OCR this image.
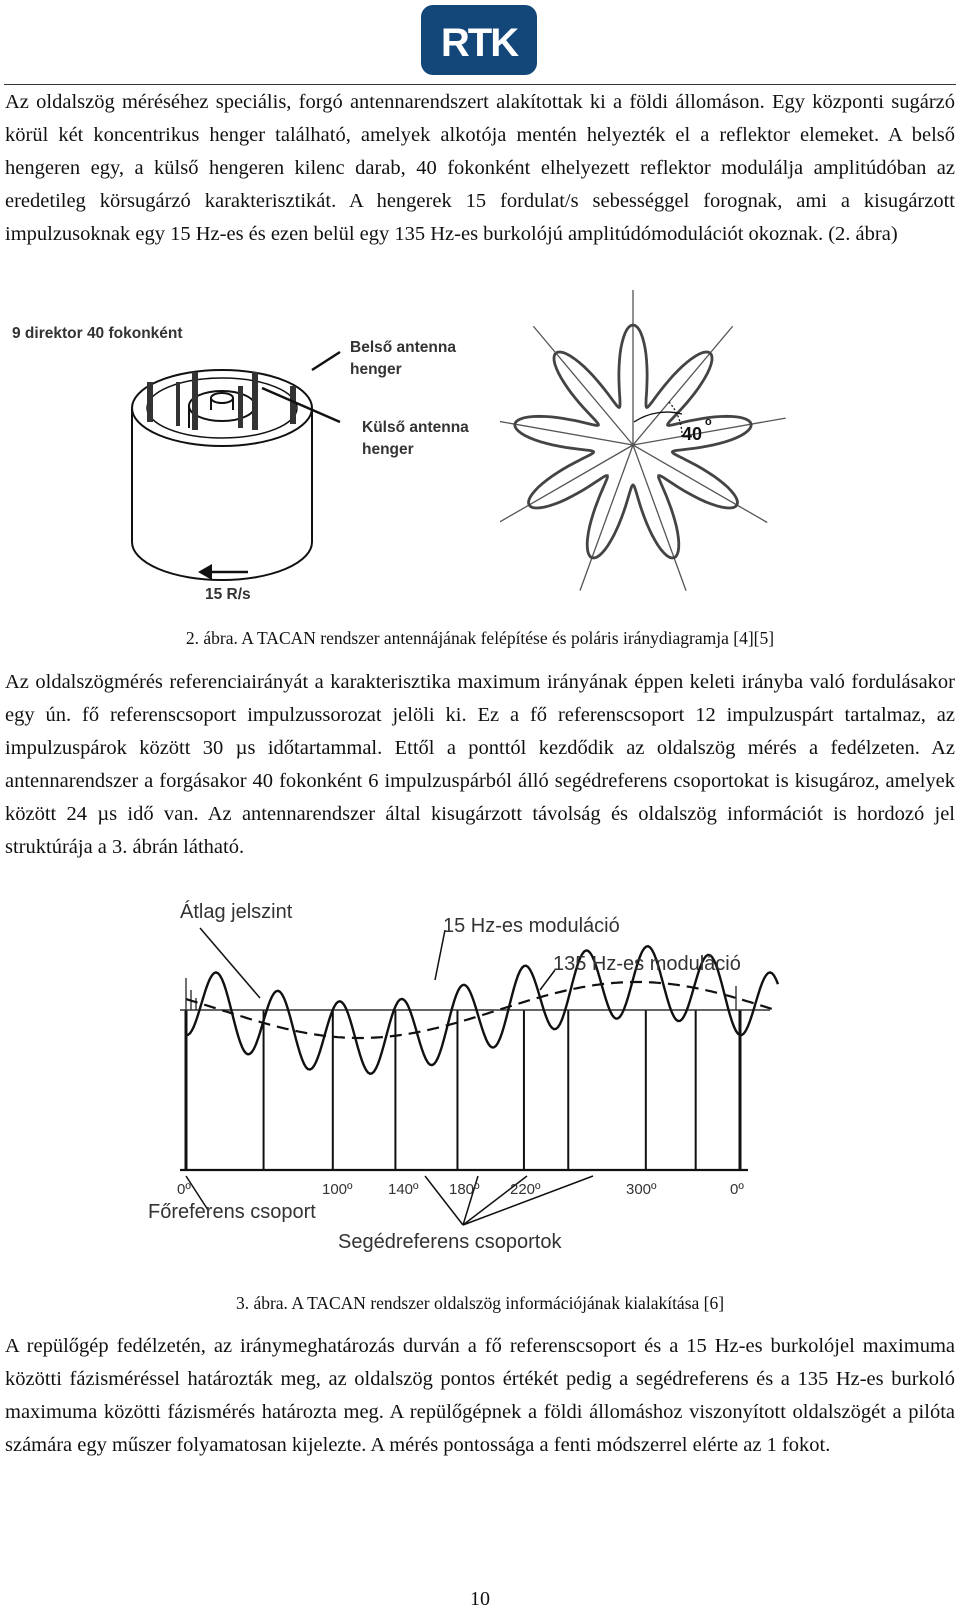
RTK

Az oldalszög méréséhez speciális, forgó antennarendszert alakítottak ki a földi állomáson. Egy központi sugárzó körül két koncentrikus henger található, amelyek alkotója mentén helyezték el a reflektor elemeket. A belső hengeren egy, a külső hengeren kilenc darab, 40 fokonként elhelyezett reflektor modulálja amplitúdóban az eredetileg körsugárzó karakterisztikát. A hengerek 15 fordulat/s sebességgel forognak, ami a kisugárzott impulzusoknak egy 15 Hz-es és ezen belül egy 135 Hz-es burkolójú amplitúdómodulációt okoznak. (2. ábra)

9 direktor 40 fokonként
Belső antenna
henger
Külső antenna
henger
15 R/s
40
o

2. ábra. A TACAN rendszer antennájának felépítése és poláris iránydiagramja [4][5]

Az oldalszögmérés referenciairányát a karakterisztika maximum irányának éppen keleti irányba való fordulásakor egy ún. fő referenscsoport impulzussorozat jelöli ki. Ez a fő referenscsoport 12 impulzuspárt tartalmaz, az impulzuspárok között 30 µs időtartammal. Ettől a ponttól kezdődik az oldalszög mérés a fedélzeten. Az antennarendszer a forgásakor 40 fokonként 6 impulzuspárból álló segédreferens csoportokat is kisugároz, amelyek között 24 µs idő van. Az antennarendszer által kisugárzott távolság és oldalszög információt is hordozó jel struktúrája a 3. ábrán látható.

Átlag jelszint
15 Hz-es moduláció
135 Hz-es moduláció
Főreferens csoport
Segédreferens csoportok
0º	100º 140º 180º 220º	300º	0º

3. ábra. A TACAN rendszer oldalszög információjának kialakítása [6]

A repülőgép fedélzetén, az iránymeghatározás durván a fő referenscsoport és a 15 Hz-es burkolójel maximuma közötti fázisméréssel határozták meg, az oldalszög pontos értékét pedig a segédreferens és a 135 Hz-es burkoló maximuma közötti fázismérés határozta meg. A repülőgépnek a földi állomáshoz viszonyított oldalszögét a pilóta számára egy műszer folyamatosan kijelezte. A mérés pontossága a fenti módszerrel elérte az 1 fokot.

10
